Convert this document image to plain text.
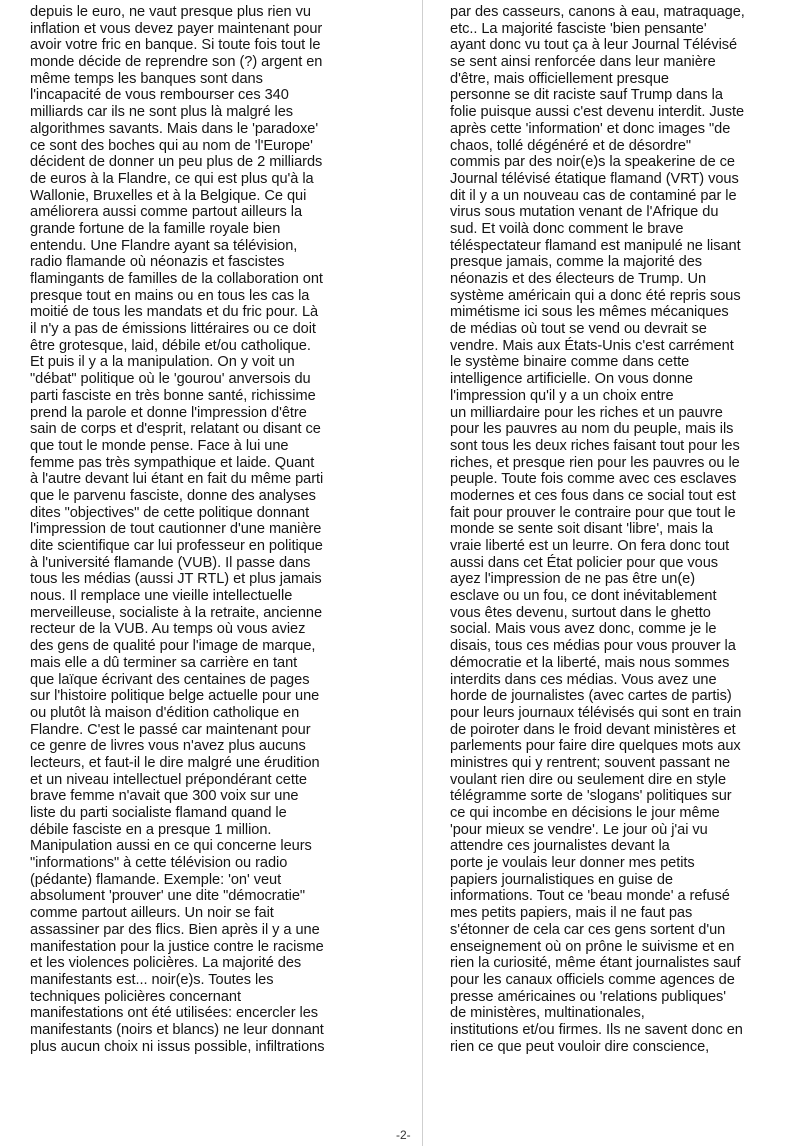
depuis le euro, ne vaut presque plus rien vu
inflation et vous devez payer maintenant pour
avoir votre fric en banque. Si toute fois tout le
monde décide de reprendre son (?) argent en
même temps les banques sont dans
l'incapacité de vous rembourser ces 340
milliards car ils ne sont plus là malgré les
algorithmes savants. Mais dans le 'paradoxe'
ce sont des boches qui au nom de 'l'Europe'
décident de donner un peu plus de 2 milliards
de euros à la Flandre, ce qui est plus qu'à la
Wallonie, Bruxelles et à la Belgique. Ce qui
améliorera aussi comme partout ailleurs la
grande fortune de la famille royale bien
entendu. Une Flandre ayant sa télévision,
radio flamande où néonazis et fascistes
flamingants de familles de la collaboration ont
presque tout en mains ou en tous les cas la
moitié de tous les mandats et du fric pour. Là
il n'y a pas de émissions littéraires ou ce doit
être grotesque, laid, débile et/ou catholique.
Et puis il y a la manipulation. On y voit un
"débat" politique où le 'gourou' anversois du
parti fasciste en très bonne santé, richissime
prend la parole et donne l'impression d'être
sain de corps et d'esprit, relatant ou disant ce
que tout le monde pense. Face à lui une
femme pas très sympathique et laide. Quant
à l'autre devant lui étant en fait du même parti
que le parvenu fasciste, donne des analyses
dites "objectives" de cette politique donnant
l'impression de tout cautionner d'une manière
dite scientifique car lui professeur en politique
à l'université flamande (VUB). Il passe dans
tous les médias (aussi JT RTL) et plus jamais
nous. Il remplace une vieille intellectuelle
merveilleuse, socialiste à la retraite, ancienne
recteur de la VUB. Au temps où vous aviez
des gens de qualité pour l'image de marque,
mais elle a dû terminer sa carrière en tant
que laïque écrivant des centaines de pages
sur l'histoire politique belge actuelle pour une
ou plutôt là maison d'édition catholique en
Flandre. C'est le passé car maintenant pour
ce genre de livres vous n'avez plus aucuns
lecteurs, et faut-il le dire malgré une érudition
et un niveau intellectuel prépondérant cette
brave femme n'avait que 300 voix sur une
liste du parti socialiste flamand quand le
débile fasciste en a presque 1 million.
Manipulation aussi en ce qui concerne leurs
"informations" à cette télévision ou radio
(pédante) flamande. Exemple: 'on' veut
absolument 'prouver' une dite "démocratie"
comme partout ailleurs. Un noir se fait
assassiner par des flics. Bien après il y a une
manifestation pour la justice contre le racisme
et les violences policières. La majorité des
manifestants est... noir(e)s. Toutes les
techniques policières concernant
manifestations ont été utilisées: encercler les
manifestants (noirs et blancs) ne leur donnant
plus aucun choix ni issus possible, infiltrations
par des casseurs, canons à eau, matraquage,
etc.. La majorité fasciste 'bien pensante'
ayant donc vu tout ça à leur Journal Télévisé
se sent ainsi renforcée dans leur manière
d'être, mais officiellement presque
personne se dit raciste sauf Trump dans la
folie puisque aussi c'est devenu interdit. Juste
après cette 'information' et donc images "de
chaos, tollé dégénéré et de désordre"
commis par des noir(e)s la speakerine de ce
Journal télévisé étatique flamand (VRT) vous
dit il y a un nouveau cas de contaminé par le
virus sous mutation venant de l'Afrique du
sud. Et voilà donc comment le brave
téléspectateur flamand est manipulé ne lisant
presque jamais, comme la majorité des
néonazis et des électeurs de Trump. Un
système américain qui a donc été repris sous
mimétisme ici sous les mêmes mécaniques
de médias où tout se vend ou devrait se
vendre. Mais aux États-Unis c'est carrément
le système binaire comme dans cette
intelligence artificielle. On vous donne
l'impression qu'il y a un choix entre
un milliardaire pour les riches et un pauvre
pour les pauvres au nom du peuple, mais ils
sont tous les deux riches faisant tout pour les
riches, et presque rien pour les pauvres ou le
peuple. Toute fois comme avec ces esclaves
modernes et ces fous dans ce social tout est
fait pour prouver le contraire pour que tout le
monde se sente soit disant 'libre', mais la
vraie liberté est un leurre. On fera donc tout
aussi dans cet État policier pour que vous
ayez l'impression de ne pas être un(e)
esclave ou un fou, ce dont inévitablement
vous êtes devenu, surtout dans le ghetto
social. Mais vous avez donc, comme je le
disais, tous ces médias pour vous prouver la
démocratie et la liberté, mais nous sommes
interdits dans ces médias. Vous avez une
horde de journalistes (avec cartes de partis)
pour leurs journaux télévisés qui sont en train
de poiroter dans le froid devant ministères et
parlements pour faire dire quelques mots aux
ministres qui y rentrent; souvent passant ne
voulant rien dire ou seulement dire en style
télégramme sorte de 'slogans' politiques sur
ce qui incombe en décisions le jour même
'pour mieux se vendre'. Le jour où j'ai vu
attendre ces journalistes devant la
porte je voulais leur donner mes petits
papiers journalistiques en guise de
informations. Tout ce 'beau monde' a refusé
mes petits papiers, mais il ne faut pas
s'étonner de cela car ces gens sortent d'un
enseignement où on prône le suivisme et en
rien la curiosité, même étant journalistes sauf
pour les canaux officiels comme agences de
presse américaines ou 'relations publiques'
de ministères, multinationales,
institutions et/ou firmes. Ils ne savent donc en
rien ce que peut vouloir dire conscience,
-2-
